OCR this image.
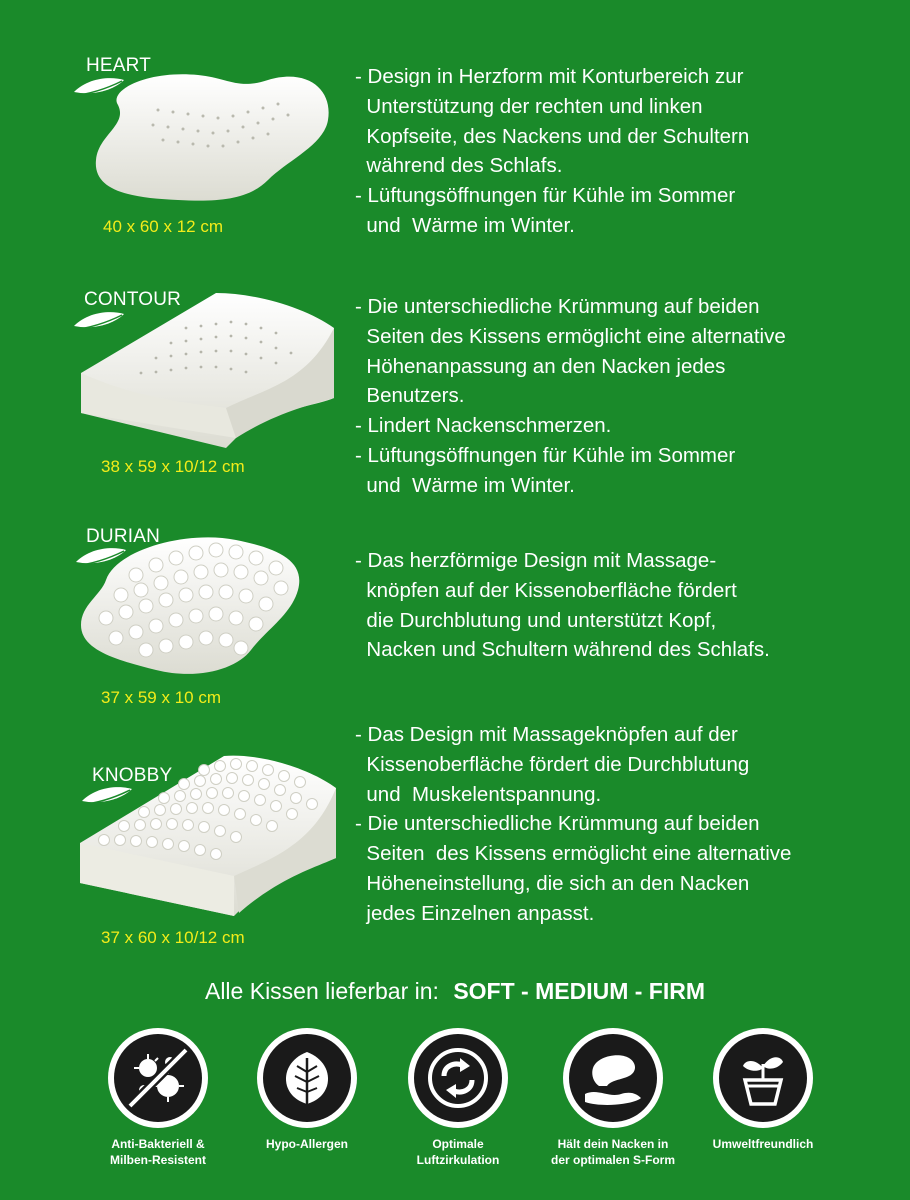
HEART
40 x 60 x 12 cm
- Design in Herzform mit Konturbereich zur
Unterstützung der rechten und linken
Kopfseite, des Nackens und der Schultern
während des Schlafs.
- Lüftungsöffnungen für Kühle im Sommer
und  Wärme im Winter.
CONTOUR
38 x 59 x 10/12 cm
- Die unterschiedliche Krümmung auf beiden
Seiten des Kissens ermöglicht eine alternative
Höhenanpassung an den Nacken jedes
Benutzers.
- Lindert Nackenschmerzen.
- Lüftungsöffnungen für Kühle im Sommer
und  Wärme im Winter.
DURIAN
37 x 59 x 10 cm
- Das herzförmige Design mit Massage-
knöpfen auf der Kissenoberfläche fördert
die Durchblutung und unterstützt Kopf,
Nacken und Schultern während des Schlafs.
KNOBBY
37 x 60 x 10/12 cm
- Das Design mit Massageknöpfen auf der
Kissenoberfläche fördert die Durchblutung
und  Muskelentspannung.
- Die unterschiedliche Krümmung auf beiden
Seiten  des Kissens ermöglicht eine alternative
Höheneinstellung, die sich an den Nacken
jedes Einzelnen anpasst.
Alle Kissen lieferbar in: SOFT - MEDIUM - FIRM
Anti-Bakteriell &
Milben-Resistent
Hypo-Allergen	Optimale
Luftzirkulation
Hält dein Nacken in
der optimalen S-Form
Umweltfreundlich
